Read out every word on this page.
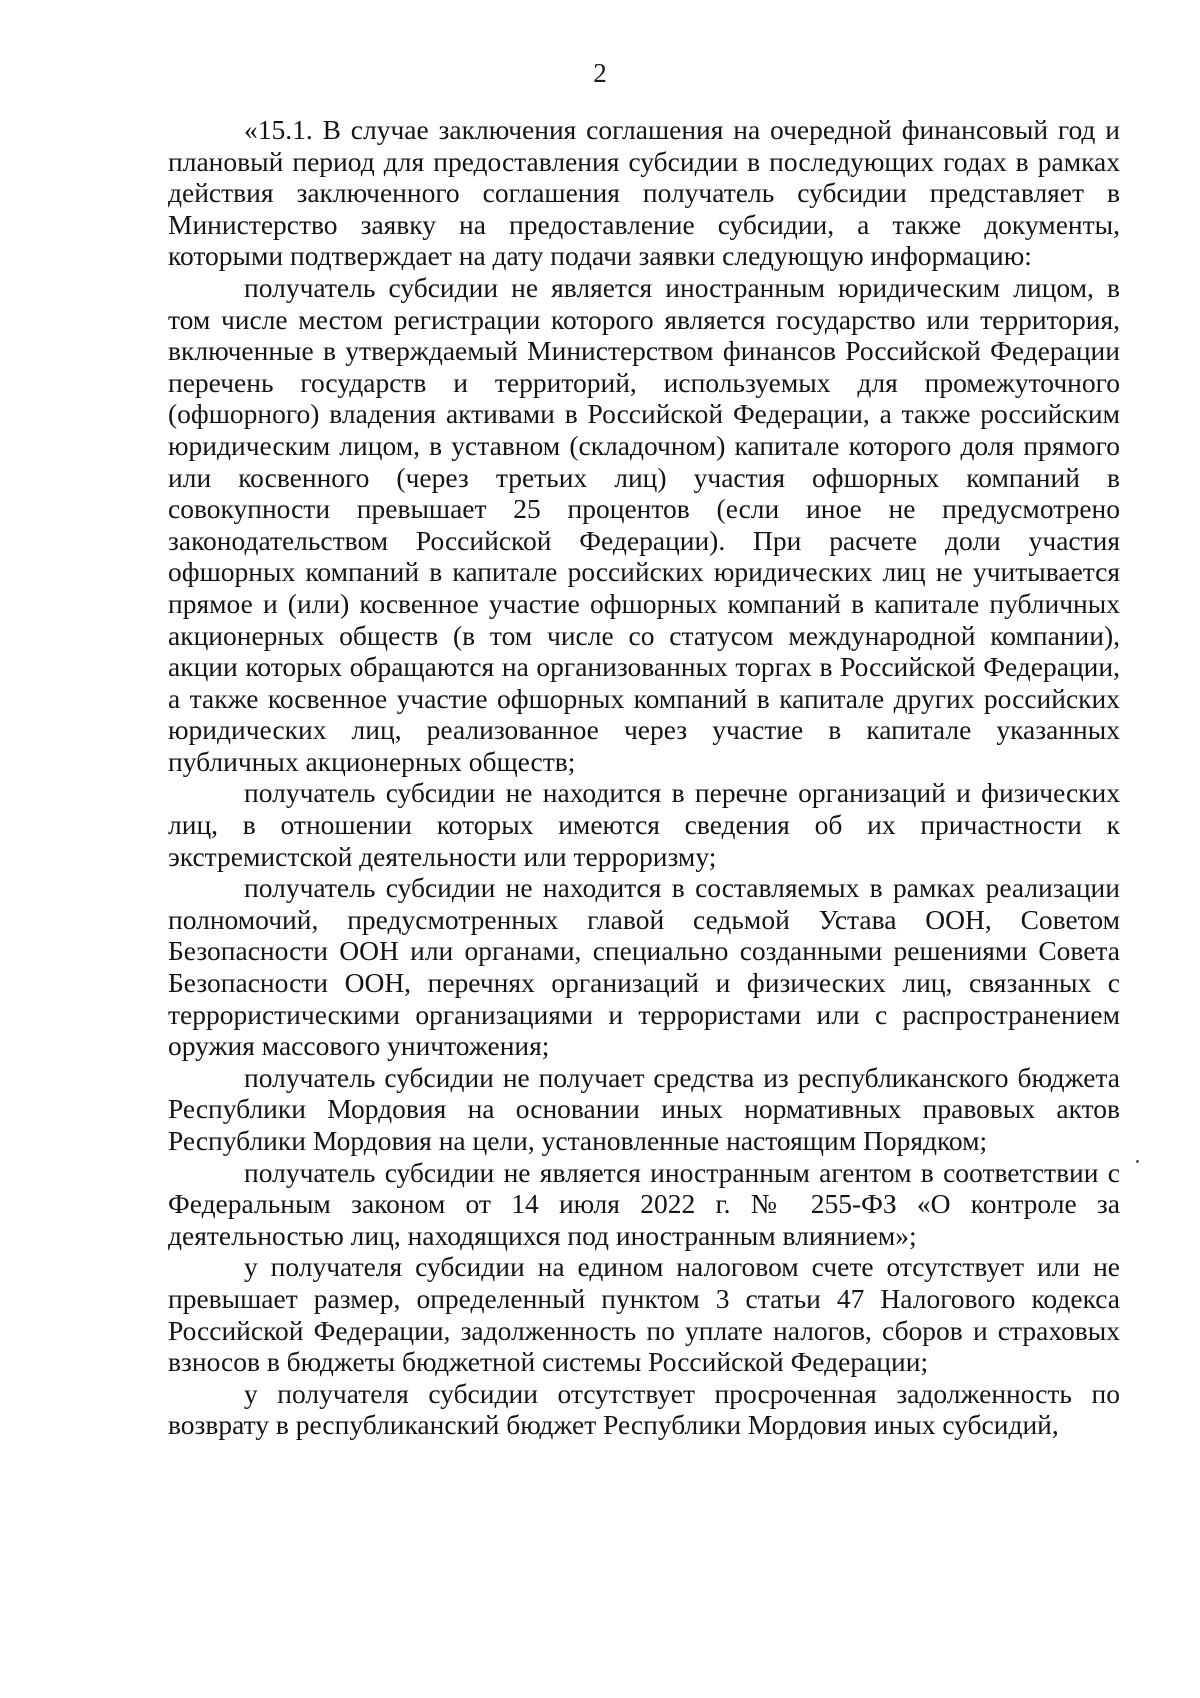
2

«15.1. В случае заключения соглашения на очередной финансовый год и плановый период для предоставления субсидии в последующих годах в рамках действия заключенного соглашения получатель субсидии представляет в Министерство заявку на предоставление субсидии, а также документы, которыми подтверждает на дату подачи заявки следующую информацию:

получатель субсидии не является иностранным юридическим лицом, в том числе местом регистрации которого является государство или территория, включенные в утверждаемый Министерством финансов Российской Федерации перечень государств и территорий, используемых для промежуточного (офшорного) владения активами в Российской Федерации, а также российским юридическим лицом, в уставном (складочном) капитале которого доля прямого или косвенного (через третьих лиц) участия офшорных компаний в совокупности превышает 25 процентов (если иное не предусмотрено законодательством Российской Федерации). При расчете доли участия офшорных компаний в капитале российских юридических лиц не учитывается прямое и (или) косвенное участие офшорных компаний в капитале публичных акционерных обществ (в том числе со статусом международной компании), акции которых обращаются на организованных торгах в Российской Федерации, а также косвенное участие офшорных компаний в капитале других российских юридических лиц, реализованное через участие в капитале указанных публичных акционерных обществ;

получатель субсидии не находится в перечне организаций и физических лиц, в отношении которых имеются сведения об их причастности к экстремистской деятельности или терроризму;

получатель субсидии не находится в составляемых в рамках реализации полномочий, предусмотренных главой седьмой Устава ООН, Советом Безопасности ООН или органами, специально созданными решениями Совета Безопасности ООН, перечнях организаций и физических лиц, связанных с террористическими организациями и террористами или с распространением оружия массового уничтожения;

получатель субсидии не получает средства из республиканского бюджета Республики Мордовия на основании иных нормативных правовых актов Республики Мордовия на цели, установленные настоящим Порядком;

получатель субсидии не является иностранным агентом в соответствии с Федеральным законом от 14 июля 2022 г. № 255-ФЗ «О контроле за деятельностью лиц, находящихся под иностранным влиянием»;

у получателя субсидии на едином налоговом счете отсутствует или не превышает размер, определенный пунктом 3 статьи 47 Налогового кодекса Российской Федерации, задолженность по уплате налогов, сборов и страховых взносов в бюджеты бюджетной системы Российской Федерации;

у получателя субсидии отсутствует просроченная задолженность по возврату в республиканский бюджет Республики Мордовия иных субсидий,
